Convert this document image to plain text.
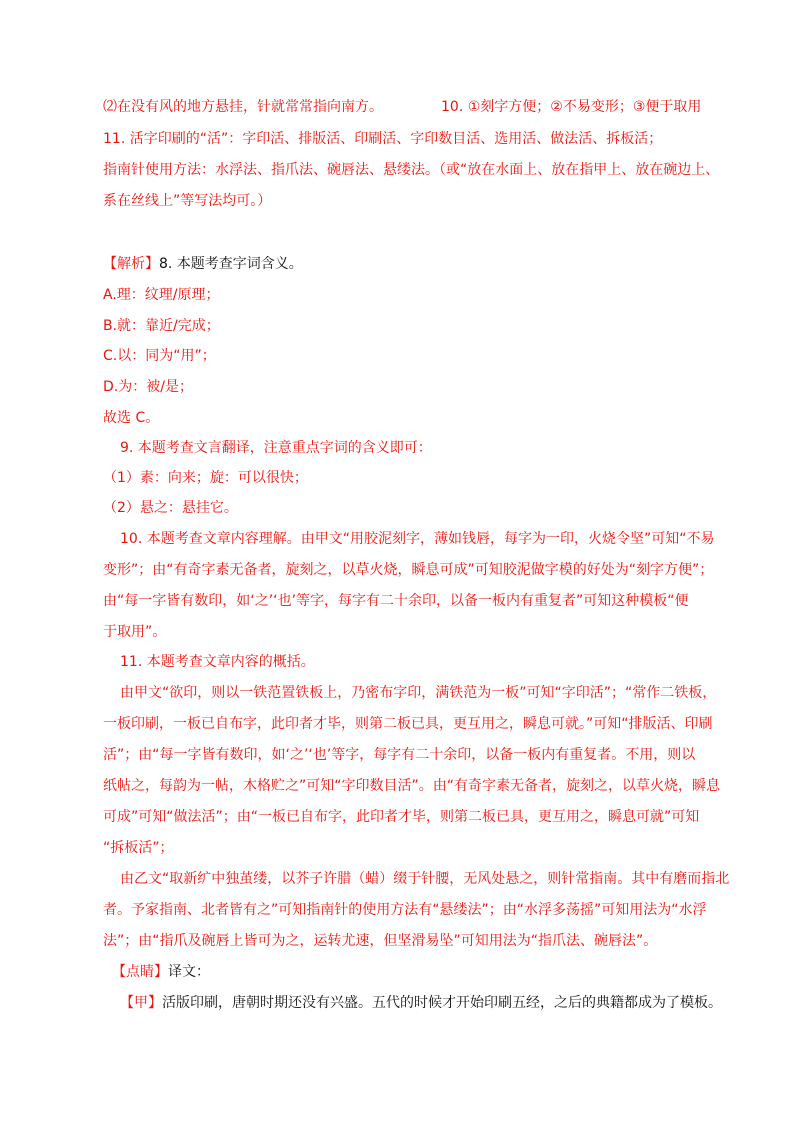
⑵在没有风的地方悬挂，针就常常指向南方。	10. ①刻字方便；②不易变形；③便于取用
11. 活字印刷的“活”：字印活、排版活、印刷活、字印数目活、选用活、做法活、拆板活；
指南针使用方法：水浮法、指爪法、碗唇法、悬缕法。（或“放在水面上、放在指甲上、放在碗边上、
系在丝线上”等写法均可。）
【解析】8. 本题考查字词含义。
A.理：纹理/原理；
B.就：靠近/完成；
C.以：同为“用”；
D.为：被/是；
故选 C。
9. 本题考查文言翻译，注意重点字词的含义即可：
（1）素：向来；旋：可以很快；
（2）悬之：悬挂它。
10. 本题考查文章内容理解。由甲文“用胶泥刻字，薄如钱唇，每字为一印，火烧令坚”可知“不易
变形”；由“有奇字素无备者，旋刻之，以草火烧，瞬息可成”可知胶泥做字模的好处为“刻字方便”；
由“每一字皆有数印，如‘之’‘也’等字，每字有二十余印，以备一板内有重复者”可知这种模板“便
于取用”。
11. 本题考查文章内容的概括。
由甲文“欲印，则以一铁范置铁板上，乃密布字印，满铁范为一板”可知“字印活”；“常作二铁板，
一板印刷，一板已自布字，此印者才毕，则第二板已具，更互用之，瞬息可就。”可知“排版活、印刷
活”；由“每一字皆有数印，如‘之’‘也’等字，每字有二十余印，以备一板内有重复者。不用，则以
纸帖之，每韵为一帖，木格贮之”可知“字印数目活”。由“有奇字素无备者，旋刻之，以草火烧，瞬息
可成”可知“做法活”；由“一板已自布字，此印者才毕，则第二板已具，更互用之，瞬息可就”可知
“拆板活”；
由乙文“取新纩中独茧缕，以芥子许腊（蜡）缀于针腰，无风处悬之，则针常指南。其中有磨而指北
者。予家指南、北者皆有之”可知指南针的使用方法有“悬缕法”；由“水浮多荡摇”可知用法为“水浮
法”；由“指爪及碗唇上皆可为之，运转尤速，但坚滑易坠”可知用法为“指爪法、碗唇法”。
【点睛】译文：
【甲】活版印刷，唐朝时期还没有兴盛。五代的时候才开始印刷五经，之后的典籍都成为了模板。
